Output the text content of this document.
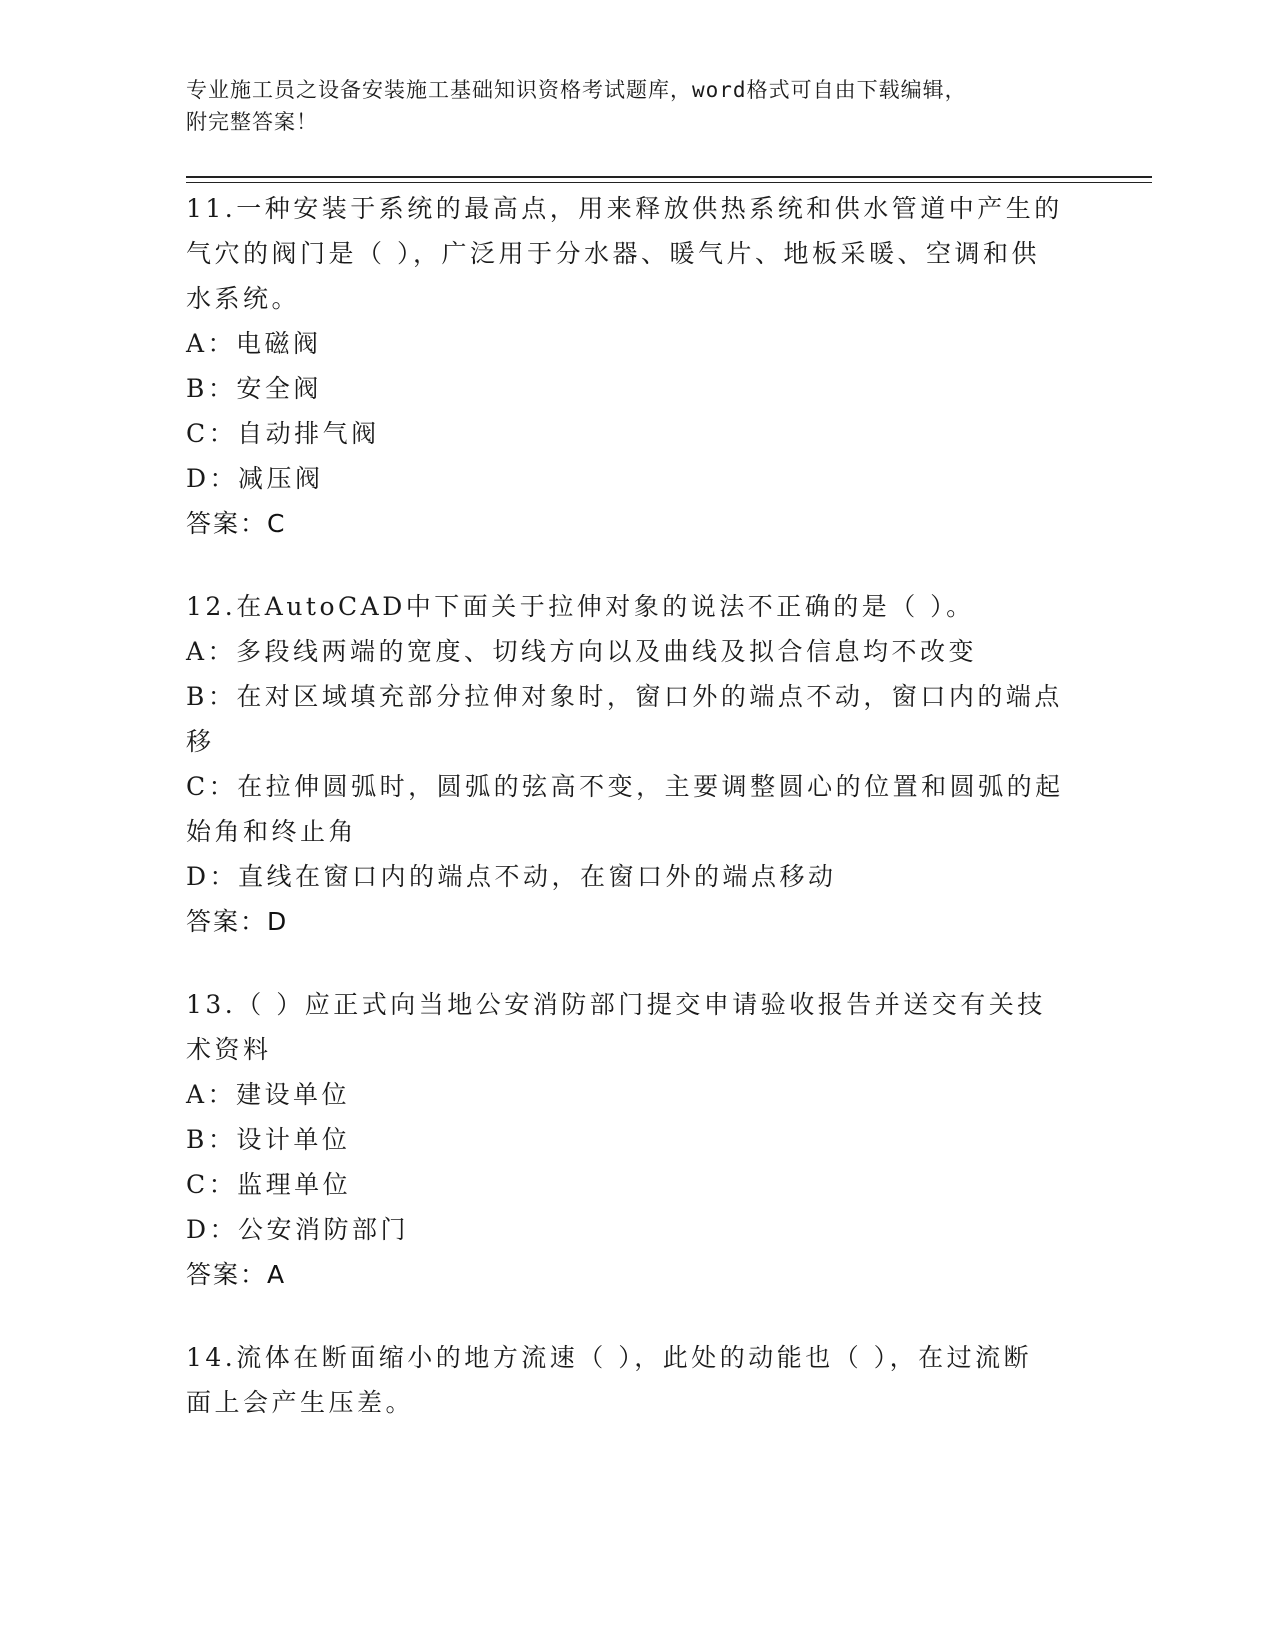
专业施工员之设备安装施工基础知识资格考试题库，word格式可自由下载编辑，
附完整答案！

11.一种安装于系统的最高点，用来释放供热系统和供水管道中产生的

气穴的阀门是（ ），广泛用于分水器、暖气片、地板采暖、空调和供

水系统。

A：电磁阀

B：安全阀

C：自动排气阀

D：减压阀

答案：C

12.在AutoCAD中下面关于拉伸对象的说法不正确的是（ ）。

A：多段线两端的宽度、切线方向以及曲线及拟合信息均不改变

B：在对区域填充部分拉伸对象时，窗口外的端点不动，窗口内的端点

移

C：在拉伸圆弧时，圆弧的弦高不变，主要调整圆心的位置和圆弧的起

始角和终止角

D：直线在窗口内的端点不动，在窗口外的端点移动

答案：D

13.（ ）应正式向当地公安消防部门提交申请验收报告并送交有关技

术资料

A：建设单位

B：设计单位

C：监理单位

D：公安消防部门

答案：A

14.流体在断面缩小的地方流速（ ），此处的动能也（ ），在过流断

面上会产生压差。
